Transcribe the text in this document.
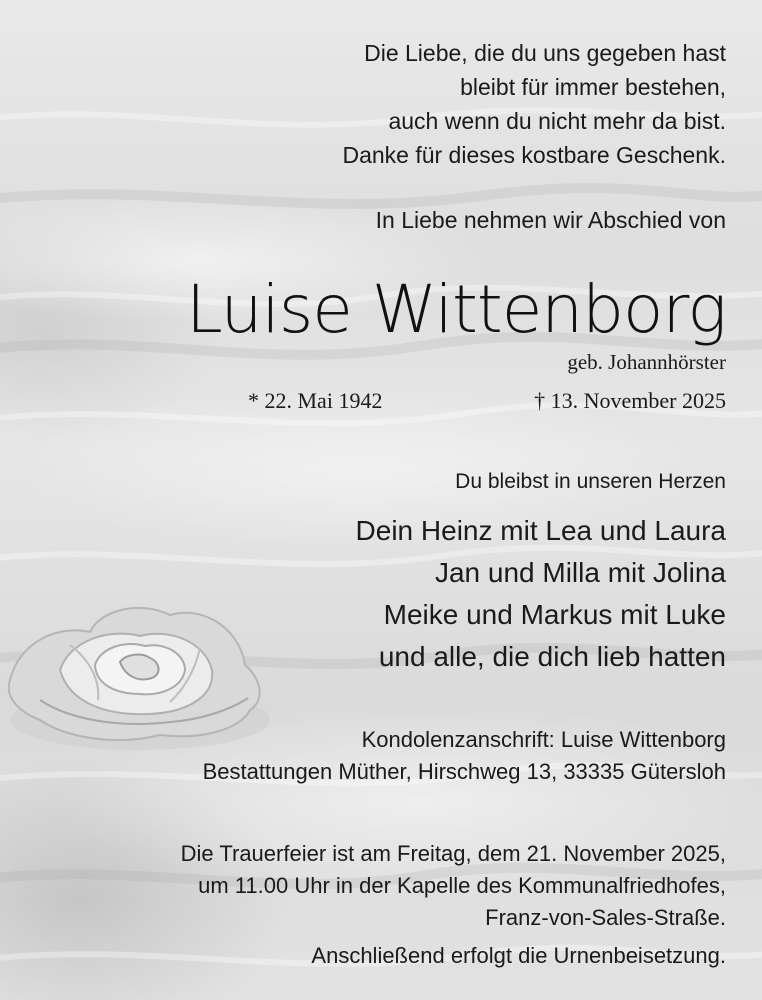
Die Liebe, die du uns gegeben hast
bleibt für immer bestehen,
auch wenn du nicht mehr da bist.
Danke für dieses kostbare Geschenk.
In Liebe nehmen wir Abschied von
Luise Wittenborg
geb. Johannhörster
* 22. Mai 1942	† 13. November 2025
Du bleibst in unseren Herzen
Dein Heinz mit Lea und Laura
Jan und Milla mit Jolina
Meike und Markus mit Luke
und alle, die dich lieb hatten
Kondolenzanschrift: Luise Wittenborg
Bestattungen Müther, Hirschweg 13, 33335 Gütersloh
Die Trauerfeier ist am Freitag, dem 21. November 2025,
um 11.00 Uhr in der Kapelle des Kommunalfriedhofes,
Franz-von-Sales-Straße.
Anschließend erfolgt die Urnenbeisetzung.
